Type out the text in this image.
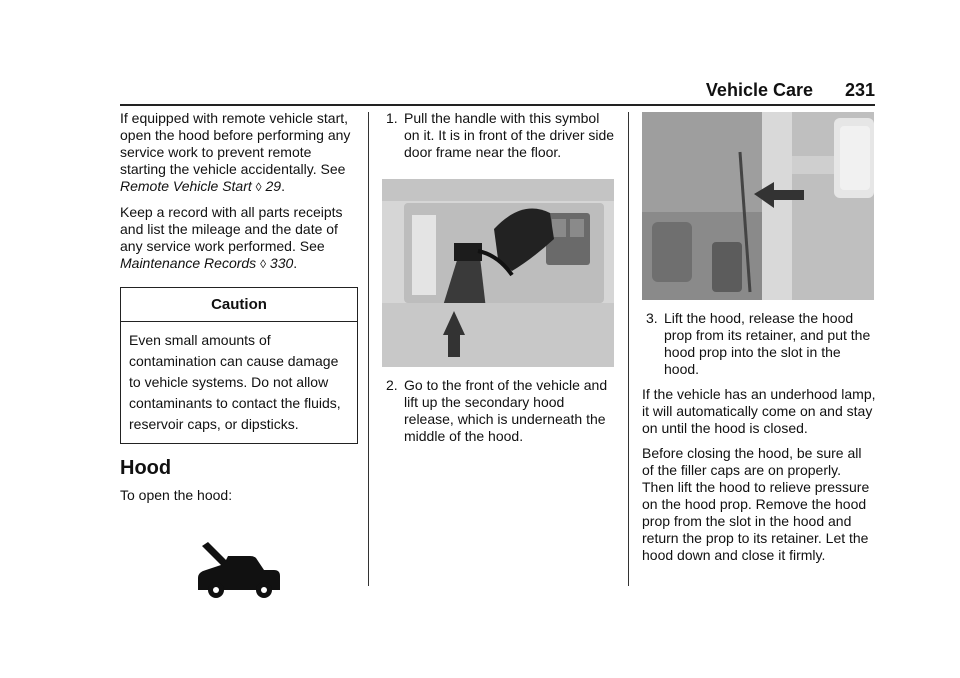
Vehicle Care 231

If equipped with remote vehicle start, open the hood before performing any service work to prevent remote starting the vehicle accidentally. See Remote Vehicle Start ◊ 29.

Keep a record with all parts receipts and list the mileage and the date of any service work performed. See Maintenance Records ◊ 330.

Caution
Even small amounts of contamination can cause damage to vehicle systems. Do not allow contaminants to contact the fluids, reservoir caps, or dipsticks.
Hood

To open the hood:

1. Pull the handle with this symbol on it. It is in front of the driver side door frame near the floor.
2. Go to the front of the vehicle and lift up the secondary hood release, which is underneath the middle of the hood.
3. Lift the hood, release the hood prop from its retainer, and put the hood prop into the slot in the hood.

If the vehicle has an underhood lamp, it will automatically come on and stay on until the hood is closed.

Before closing the hood, be sure all of the filler caps are on properly. Then lift the hood to relieve pressure on the hood prop. Remove the hood prop from the slot in the hood and return the prop to its retainer. Let the hood down and close it firmly.
